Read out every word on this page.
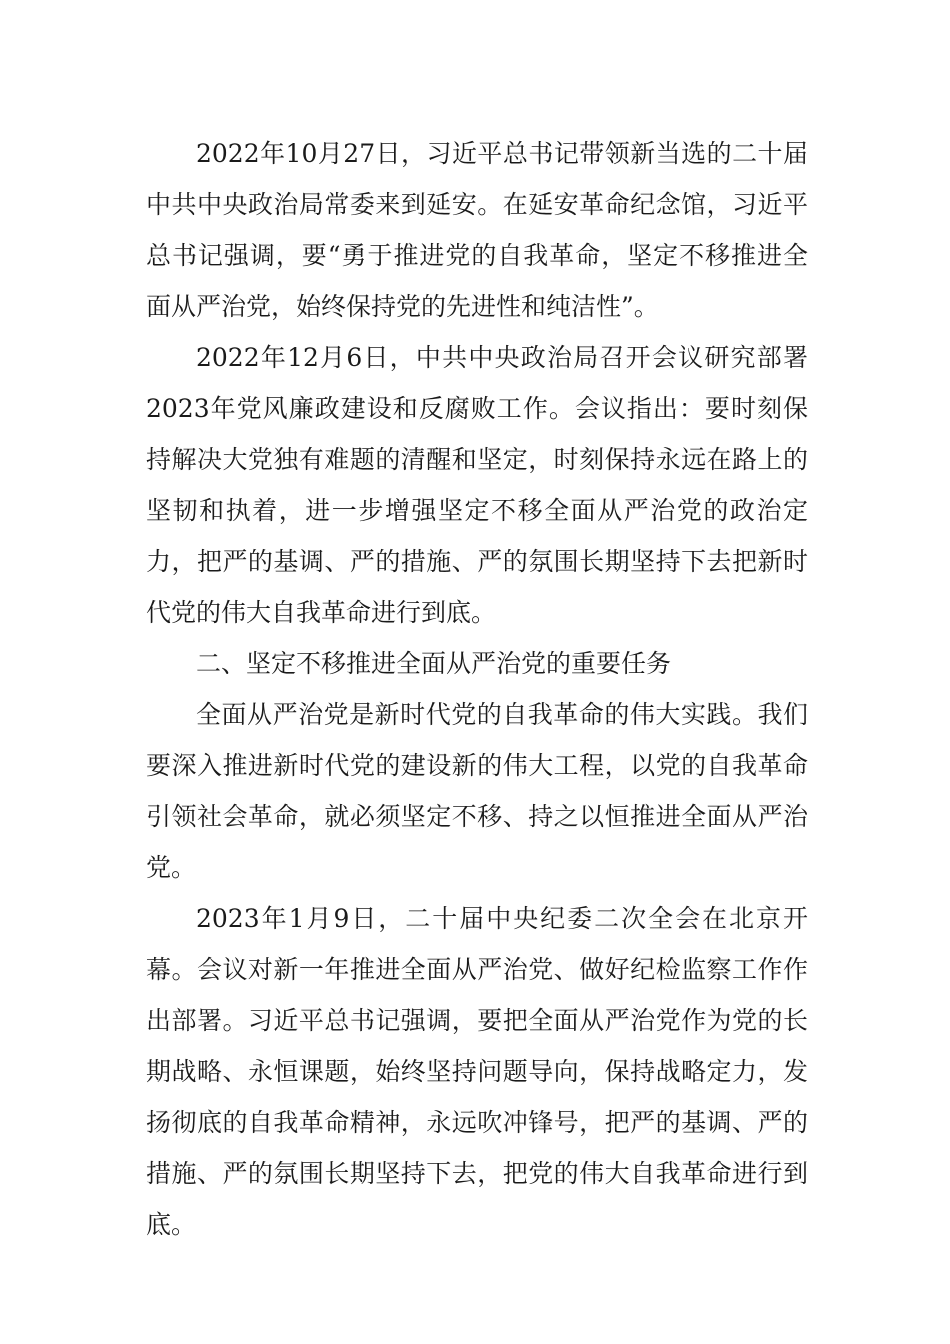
2022年10月27日，习近平总书记带领新当选的二十届中共中央政治局常委来到延安。在延安革命纪念馆，习近平总书记强调，要“勇于推进党的自我革命，坚定不移推进全面从严治党，始终保持党的先进性和纯洁性”。

2022年12月6日，中共中央政治局召开会议研究部署2023年党风廉政建设和反腐败工作。会议指出：要时刻保持解决大党独有难题的清醒和坚定，时刻保持永远在路上的坚韧和执着，进一步增强坚定不移全面从严治党的政治定力，把严的基调、严的措施、严的氛围长期坚持下去把新时代党的伟大自我革命进行到底。

二、坚定不移推进全面从严治党的重要任务

全面从严治党是新时代党的自我革命的伟大实践。我们要深入推进新时代党的建设新的伟大工程，以党的自我革命引领社会革命，就必须坚定不移、持之以恒推进全面从严治党。

2023年1月9日，二十届中央纪委二次全会在北京开幕。会议对新一年推进全面从严治党、做好纪检监察工作作出部署。习近平总书记强调，要把全面从严治党作为党的长期战略、永恒课题，始终坚持问题导向，保持战略定力，发扬彻底的自我革命精神，永远吹冲锋号，把严的基调、严的措施、严的氛围长期坚持下去，把党的伟大自我革命进行到底。
